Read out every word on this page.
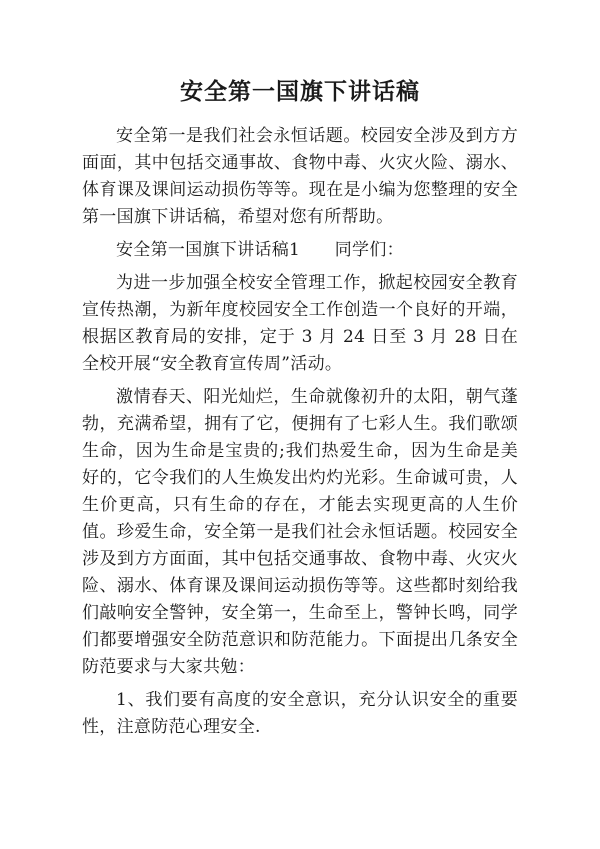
安全第一国旗下讲话稿

安全第一是我们社会永恒话题。校园安全涉及到方方面面，其中包括交通事故、食物中毒、火灾火险、溺水、体育课及课间运动损伤等等。现在是小编为您整理的安全第一国旗下讲话稿，希望对您有所帮助。

安全第一国旗下讲话稿1　　同学们：

为进一步加强全校安全管理工作，掀起校园安全教育宣传热潮，为新年度校园安全工作创造一个良好的开端，根据区教育局的安排，定于 3 月 24 日至 3 月 28 日在全校开展“安全教育宣传周”活动。

激情春天、阳光灿烂，生命就像初升的太阳，朝气蓬勃，充满希望，拥有了它，便拥有了七彩人生。我们歌颂生命，因为生命是宝贵的;我们热爱生命，因为生命是美好的，它令我们的人生焕发出灼灼光彩。生命诚可贵，人生价更高，只有生命的存在，才能去实现更高的人生价值。珍爱生命，安全第一是我们社会永恒话题。校园安全涉及到方方面面，其中包括交通事故、食物中毒、火灾火险、溺水、体育课及课间运动损伤等等。这些都时刻给我们敲响安全警钟，安全第一，生命至上，警钟长鸣，同学们都要增强安全防范意识和防范能力。下面提出几条安全防范要求与大家共勉：

1、我们要有高度的安全意识，充分认识安全的重要性，注意防范心理安全.
